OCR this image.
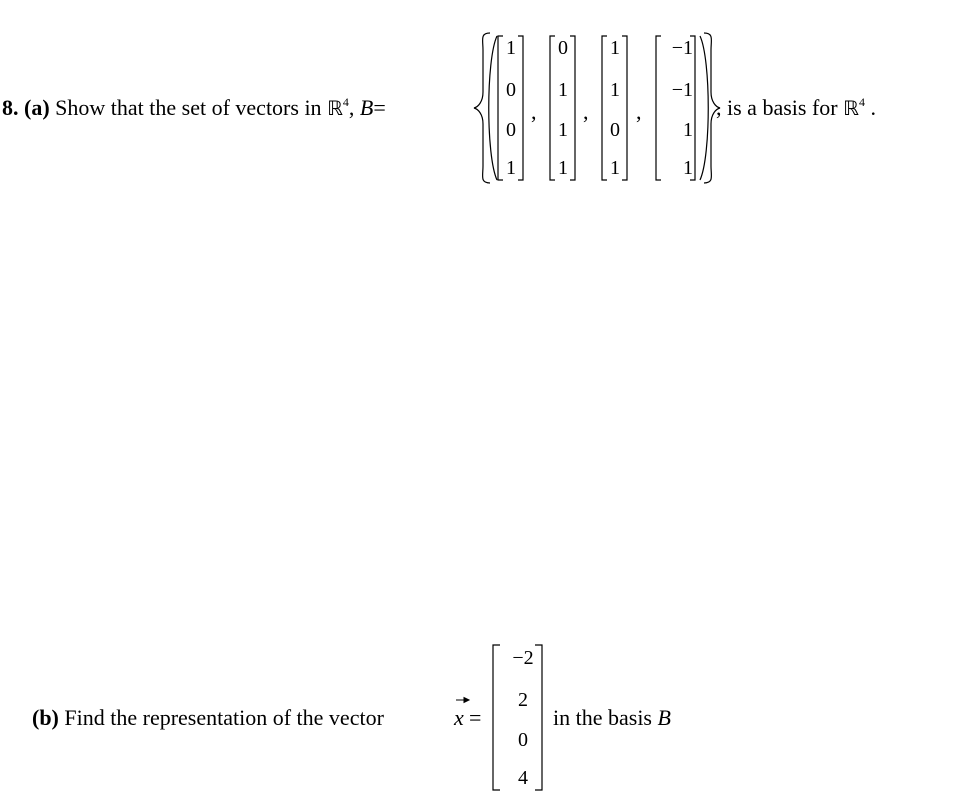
8. (a) Show that the set of vectors in ℝ$^4$, B=
1
0
0
1
,
0
1
1
1
,
1
1
0
1
,
−1
−1
1
1
, is a basis for ℝ$^4$ .
(b) Find the representation of the vector	x =
−2
2
0
4
in the basis B
